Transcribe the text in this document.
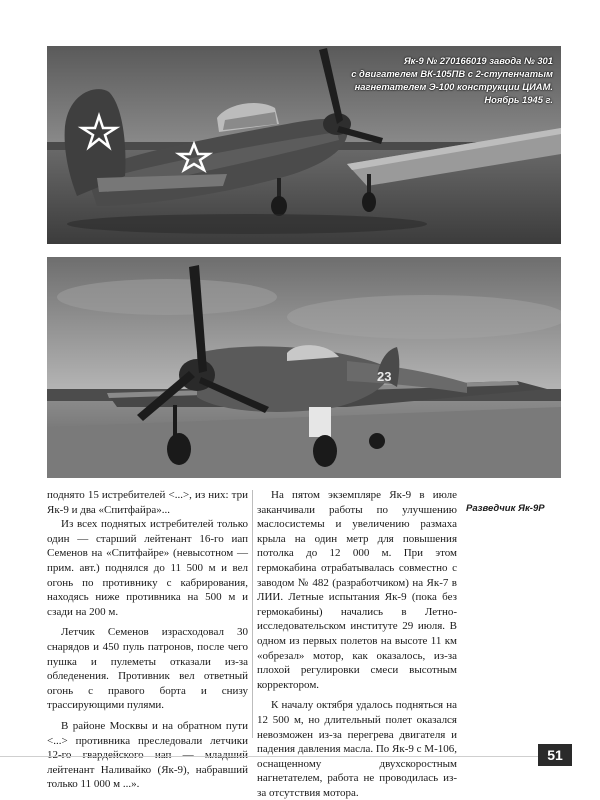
Як-9 № 270166019 завода № 301
с двигателем ВК-105ПВ с 2-ступенчатым
нагнетателем Э-100 конструкции ЦИАМ.
Ноябрь 1945 г.
23

поднято 15 истребителей <...>, из них: три Як-9 и два «Спитфайра»...

Из всех поднятых истребителей только один — старший лейтенант 16-го иап Семенов на «Спитфайре» (невысотном — прим. авт.) поднялся до 11 500 м и вел огонь по противнику с кабрирования, находясь ниже противника на 500 м и сзади на 200 м.

Летчик Семенов израсходовал 30 снарядов и 450 пуль патронов, после чего пушка и пулеметы отказали из-за обледенения. Противник вел ответный огонь с правого борта и снизу трассирующими пулями.

В районе Москвы и на обратном пути <...> противника преследовали летчики лейтенант Наливайко (Як-9), набравший только 11 000 м ...».

На пятом экземпляре Як-9 в июле заканчивали работы по улучшению маслосистемы и увеличению размаха крыла на один метр для повышения потолка до 12 000 м. При этом гермокабина отрабатывалась совместно с заводом № 482 (разработчиком) на Як-7 в ЛИИ. Летные испытания Як-9 (пока без гермокабины) начались в Летно-исследовательском институте 29 июля. В одном из первых полетов на высоте 11 км «обрезал» мотор, как оказалось, из-за плохой регулировки смеси высотным корректором.

К началу октября удалось подняться на 12 500 м, но длительный полет оказался невозможен из-за перегрева двигателя и падения давления масла. По Як-9 с М-106, оснащенному двухскоростным нагнетателем, работа не проводилась из-за отсутствия мотора.

Разведчик Як-9Р
51
